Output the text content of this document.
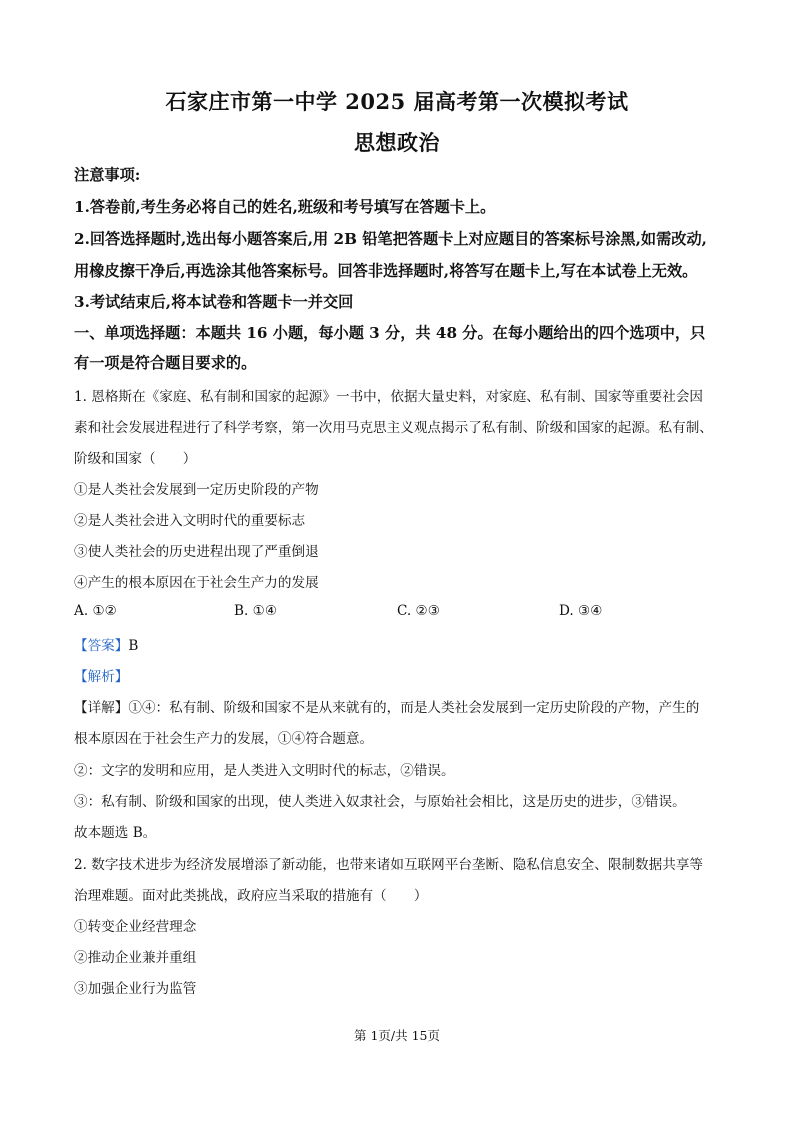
石家庄市第一中学 2025 届高考第一次模拟考试
思想政治
注意事项:
1.答卷前,考生务必将自己的姓名,班级和考号填写在答题卡上。
2.回答选择题时,选出每小题答案后,用 2B 铅笔把答题卡上对应题目的答案标号涂黑,如需改动,
用橡皮擦干净后,再选涂其他答案标号。回答非选择题时,将答写在题卡上,写在本试卷上无效。
3.考试结束后,将本试卷和答题卡一并交回
一、单项选择题：本题共 16 小题，每小题 3 分，共 48 分。在每小题给出的四个选项中，只
有一项是符合题目要求的。
1. 恩格斯在《家庭、私有制和国家的起源》一书中，依据大量史料，对家庭、私有制、国家等重要社会因
素和社会发展进程进行了科学考察，第一次用马克思主义观点揭示了私有制、阶级和国家的起源。私有制、
阶级和国家（　　）
①是人类社会发展到一定历史阶段的产物
②是人类社会进入文明时代的重要标志
③使人类社会的历史进程出现了严重倒退
④产生的根本原因在于社会生产力的发展
A. ①②	B. ①④	C. ②③	D. ③④
【答案】B
【解析】
【详解】①④：私有制、阶级和国家不是从来就有的，而是人类社会发展到一定历史阶段的产物，产生的
根本原因在于社会生产力的发展，①④符合题意。
②：文字的发明和应用，是人类进入文明时代的标志，②错误。
③：私有制、阶级和国家的出现，使人类进入奴隶社会，与原始社会相比，这是历史的进步，③错误。
故本题选 B。
2. 数字技术进步为经济发展增添了新动能，也带来诸如互联网平台垄断、隐私信息安全、限制数据共享等
治理难题。面对此类挑战，政府应当采取的措施有（　　）
①转变企业经营理念
②推动企业兼并重组
③加强企业行为监管
第 1页/共 15页
